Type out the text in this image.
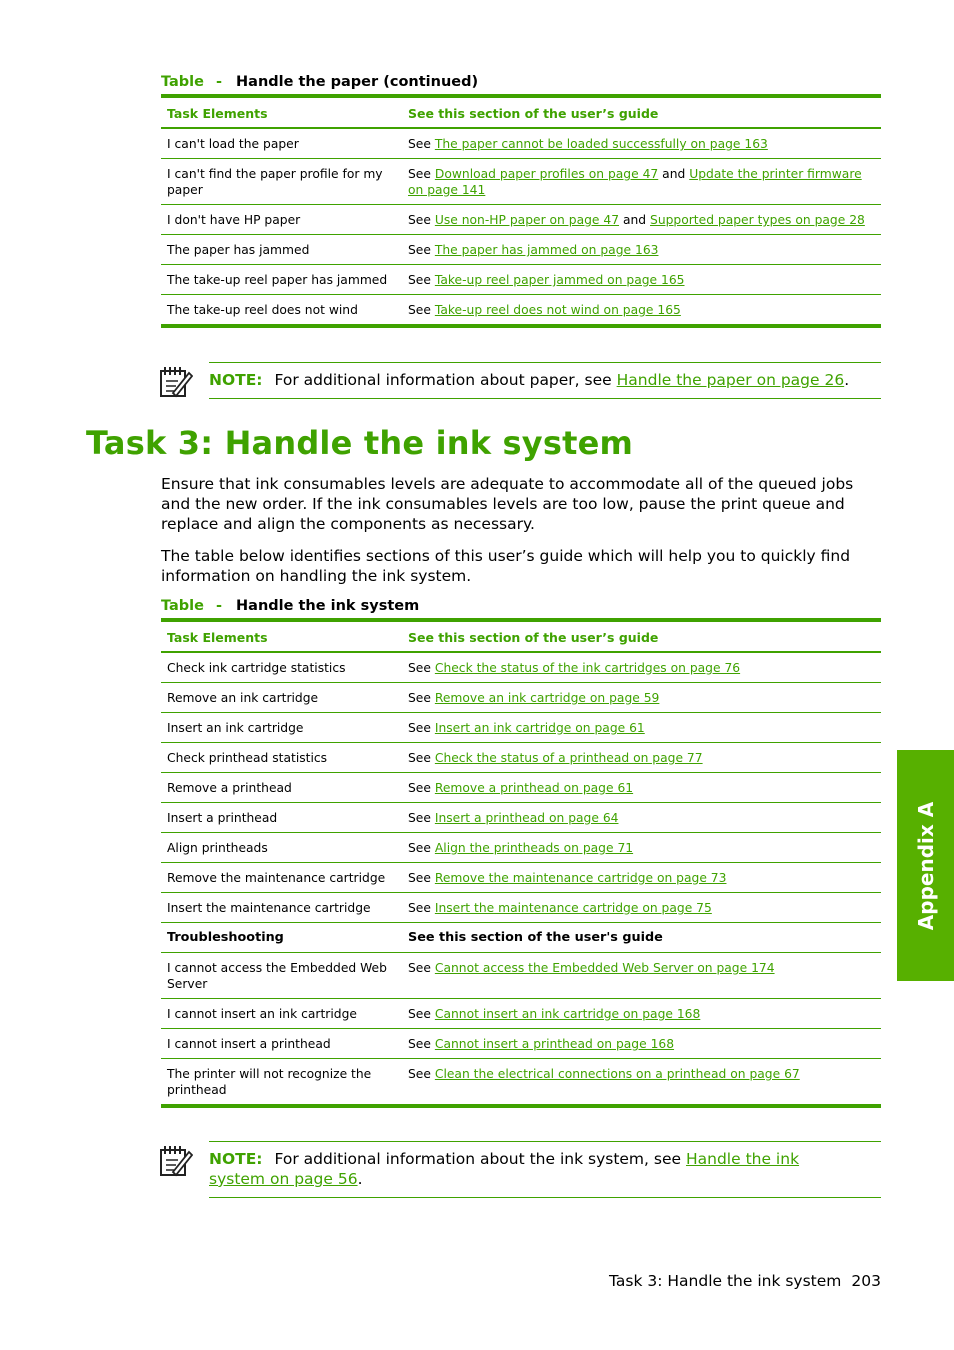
Table - Handle the paper (continued)
Task Elements	See this section of the user’s guide
I can't load the paper	See The paper cannot be loaded successfully on page 163
I can't find the paper profile for my paper	See Download paper profiles on page 47 and Update the printer firmware on page 141
I don't have HP paper	See Use non-HP paper on page 47 and Supported paper types on page 28
The paper has jammed	See The paper has jammed on page 163
The take-up reel paper has jammed	See Take-up reel paper jammed on page 165
The take-up reel does not wind	See Take-up reel does not wind on page 165
NOTE: For additional information about paper, see Handle the paper on page 26.
Task 3: Handle the ink system

Ensure that ink consumables levels are adequate to accommodate all of the queued jobs and the new order. If the ink consumables levels are too low, pause the print queue and replace and align the components as necessary.

The table below identifies sections of this user’s guide which will help you to quickly find information on handling the ink system.

Table - Handle the ink system
Task Elements	See this section of the user’s guide
Check ink cartridge statistics	See Check the status of the ink cartridges on page 76
Remove an ink cartridge	See Remove an ink cartridge on page 59
Insert an ink cartridge	See Insert an ink cartridge on page 61
Check printhead statistics	See Check the status of a printhead on page 77
Remove a printhead	See Remove a printhead on page 61
Insert a printhead	See Insert a printhead on page 64
Align printheads	See Align the printheads on page 71
Remove the maintenance cartridge	See Remove the maintenance cartridge on page 73
Insert the maintenance cartridge	See Insert the maintenance cartridge on page 75
Troubleshooting	See this section of the user's guide
I cannot access the Embedded Web Server	See Cannot access the Embedded Web Server on page 174
I cannot insert an ink cartridge	See Cannot insert an ink cartridge on page 168
I cannot insert a printhead	See Cannot insert a printhead on page 168
The printer will not recognize the printhead	See Clean the electrical connections on a printhead on page 67
NOTE: For additional information about the ink system, see Handle the ink system on page 56.
Appendix A
Task 3: Handle the ink system 203
